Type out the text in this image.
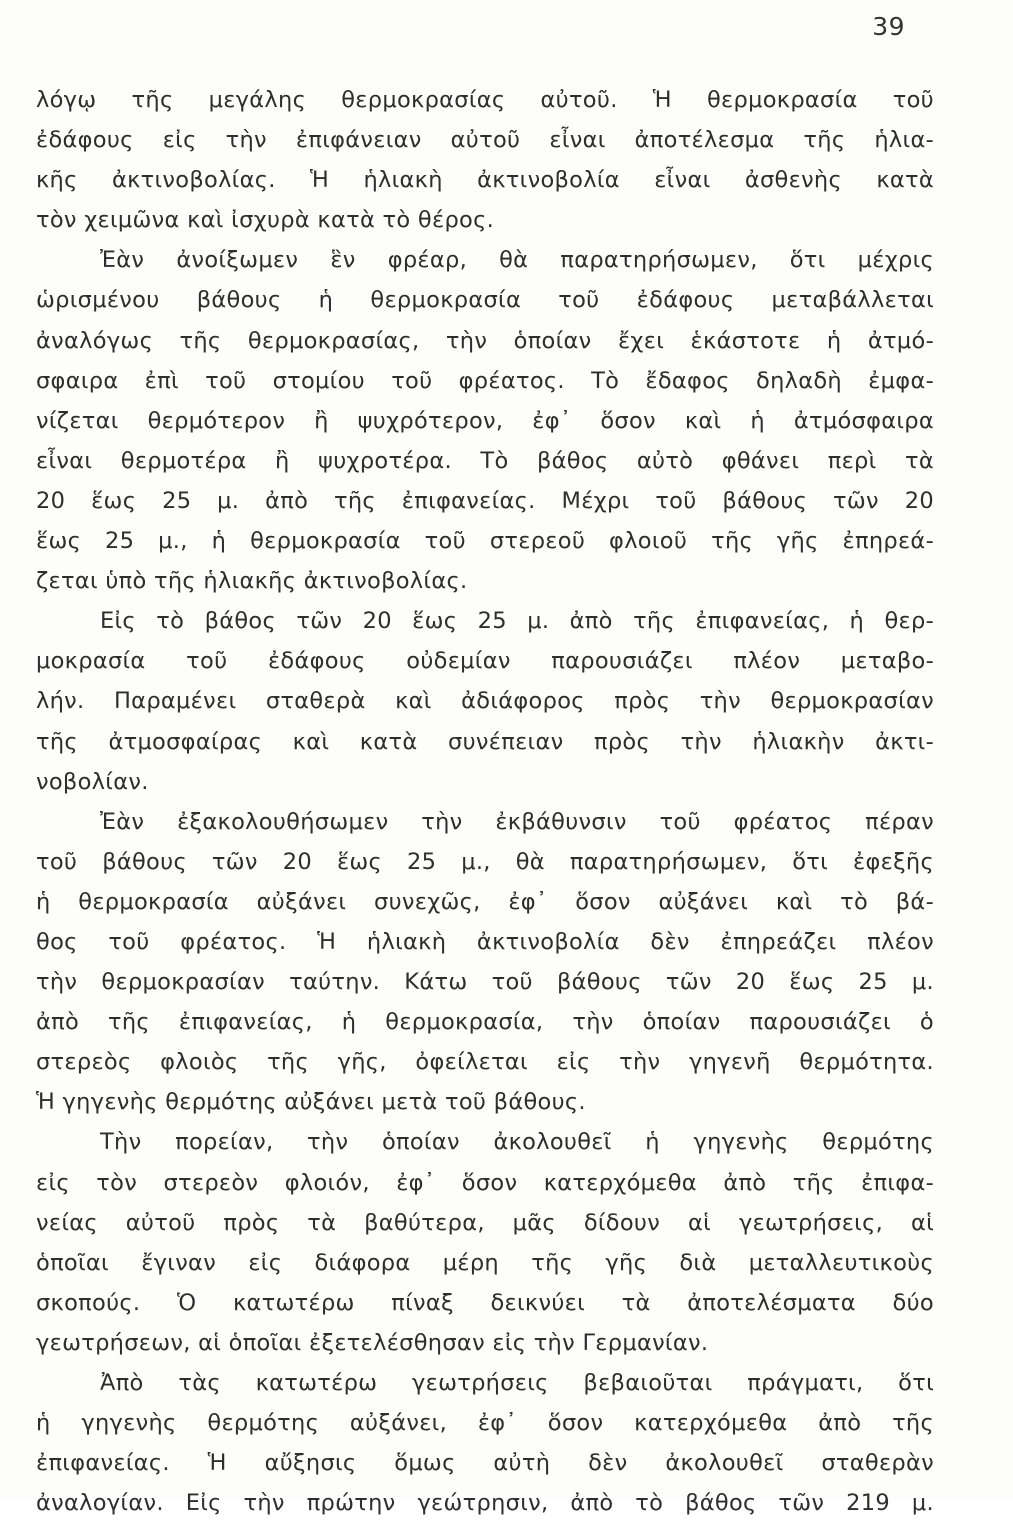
39
λόγῳ τῆς μεγάλης θερμοκρασίας αὐτοῦ. Ἡ θερμοκρασία τοῦ
ἐδάφους εἰς τὴν ἐπιφάνειαν αὐτοῦ εἶναι ἀποτέλεσμα τῆς ἡλια-
κῆς ἀκτινοβολίας. Ἡ ἡλιακὴ ἀκτινοβολία εἶναι ἀσθενὴς κατὰ
τὸν χειμῶνα καὶ ἰσχυρὰ κατὰ τὸ θέρος.
Ἐὰν ἀνοίξωμεν ἓν φρέαρ, θὰ παρατηρήσωμεν, ὅτι μέχρις
ὡρισμένου βάθους ἡ θερμοκρασία τοῦ ἐδάφους μεταβάλλεται
ἀναλόγως τῆς θερμοκρασίας, τὴν ὁποίαν ἔχει ἑκάστοτε ἡ ἀτμό-
σφαιρα ἐπὶ τοῦ στομίου τοῦ φρέατος. Τὸ ἔδαφος δηλαδὴ ἐμφα-
νίζεται θερμότερον ἢ ψυχρότερον, ἐφ᾽ ὅσον καὶ ἡ ἀτμόσφαιρα
εἶναι θερμοτέρα ἢ ψυχροτέρα. Τὸ βάθος αὐτὸ φθάνει περὶ τὰ
20 ἕως 25 μ. ἀπὸ τῆς ἐπιφανείας. Μέχρι τοῦ βάθους τῶν 20
ἕως 25 μ., ἡ θερμοκρασία τοῦ στερεοῦ φλοιοῦ τῆς γῆς ἐπηρεά-
ζεται ὑπὸ τῆς ἡλιακῆς ἀκτινοβολίας.
Εἰς τὸ βάθος τῶν 20 ἕως 25 μ. ἀπὸ τῆς ἐπιφανείας, ἡ θερ-
μοκρασία τοῦ ἐδάφους οὐδεμίαν παρουσιάζει πλέον μεταβο-
λήν. Παραμένει σταθερὰ καὶ ἀδιάφορος πρὸς τὴν θερμοκρασίαν
τῆς ἀτμοσφαίρας καὶ κατὰ συνέπειαν πρὸς τὴν ἡλιακὴν ἀκτι-
νοβολίαν.
Ἐὰν ἐξακολουθήσωμεν τὴν ἐκβάθυνσιν τοῦ φρέατος πέραν
τοῦ βάθους τῶν 20 ἕως 25 μ., θὰ παρατηρήσωμεν, ὅτι ἐφεξῆς
ἡ θερμοκρασία αὐξάνει συνεχῶς, ἐφ᾽ ὅσον αὐξάνει καὶ τὸ βά-
θος τοῦ φρέατος. Ἡ ἡλιακὴ ἀκτινοβολία δὲν ἐπηρεάζει πλέον
τὴν θερμοκρασίαν ταύτην. Κάτω τοῦ βάθους τῶν 20 ἕως 25 μ.
ἀπὸ τῆς ἐπιφανείας, ἡ θερμοκρασία, τὴν ὁποίαν παρουσιάζει ὁ
στερεὸς φλοιὸς τῆς γῆς, ὀφείλεται εἰς τὴν γηγενῆ θερμότητα.
Ἡ γηγενὴς θερμότης αὐξάνει μετὰ τοῦ βάθους.
Τὴν πορείαν, τὴν ὁποίαν ἀκολουθεῖ ἡ γηγενὴς θερμότης
εἰς τὸν στερεὸν φλοιόν, ἐφ᾽ ὅσον κατερχόμεθα ἀπὸ τῆς ἐπιφα-
νείας αὐτοῦ πρὸς τὰ βαθύτερα, μᾶς δίδουν αἱ γεωτρήσεις, αἱ
ὁποῖαι ἔγιναν εἰς διάφορα μέρη τῆς γῆς διὰ μεταλλευτικοὺς
σκοπούς. Ὁ κατωτέρω πίναξ δεικνύει τὰ ἀποτελέσματα δύο
γεωτρήσεων, αἱ ὁποῖαι ἐξετελέσθησαν εἰς τὴν Γερμανίαν.
Ἀπὸ τὰς κατωτέρω γεωτρήσεις βεβαιοῦται πράγματι, ὅτι
ἡ γηγενὴς θερμότης αὐξάνει, ἐφ᾽ ὅσον κατερχόμεθα ἀπὸ τῆς
ἐπιφανείας. Ἡ αὔξησις ὅμως αὐτὴ δὲν ἀκολουθεῖ σταθερὰν
ἀναλογίαν. Εἰς τὴν πρώτην γεώτρησιν, ἀπὸ τὸ βάθος τῶν 219 μ.
